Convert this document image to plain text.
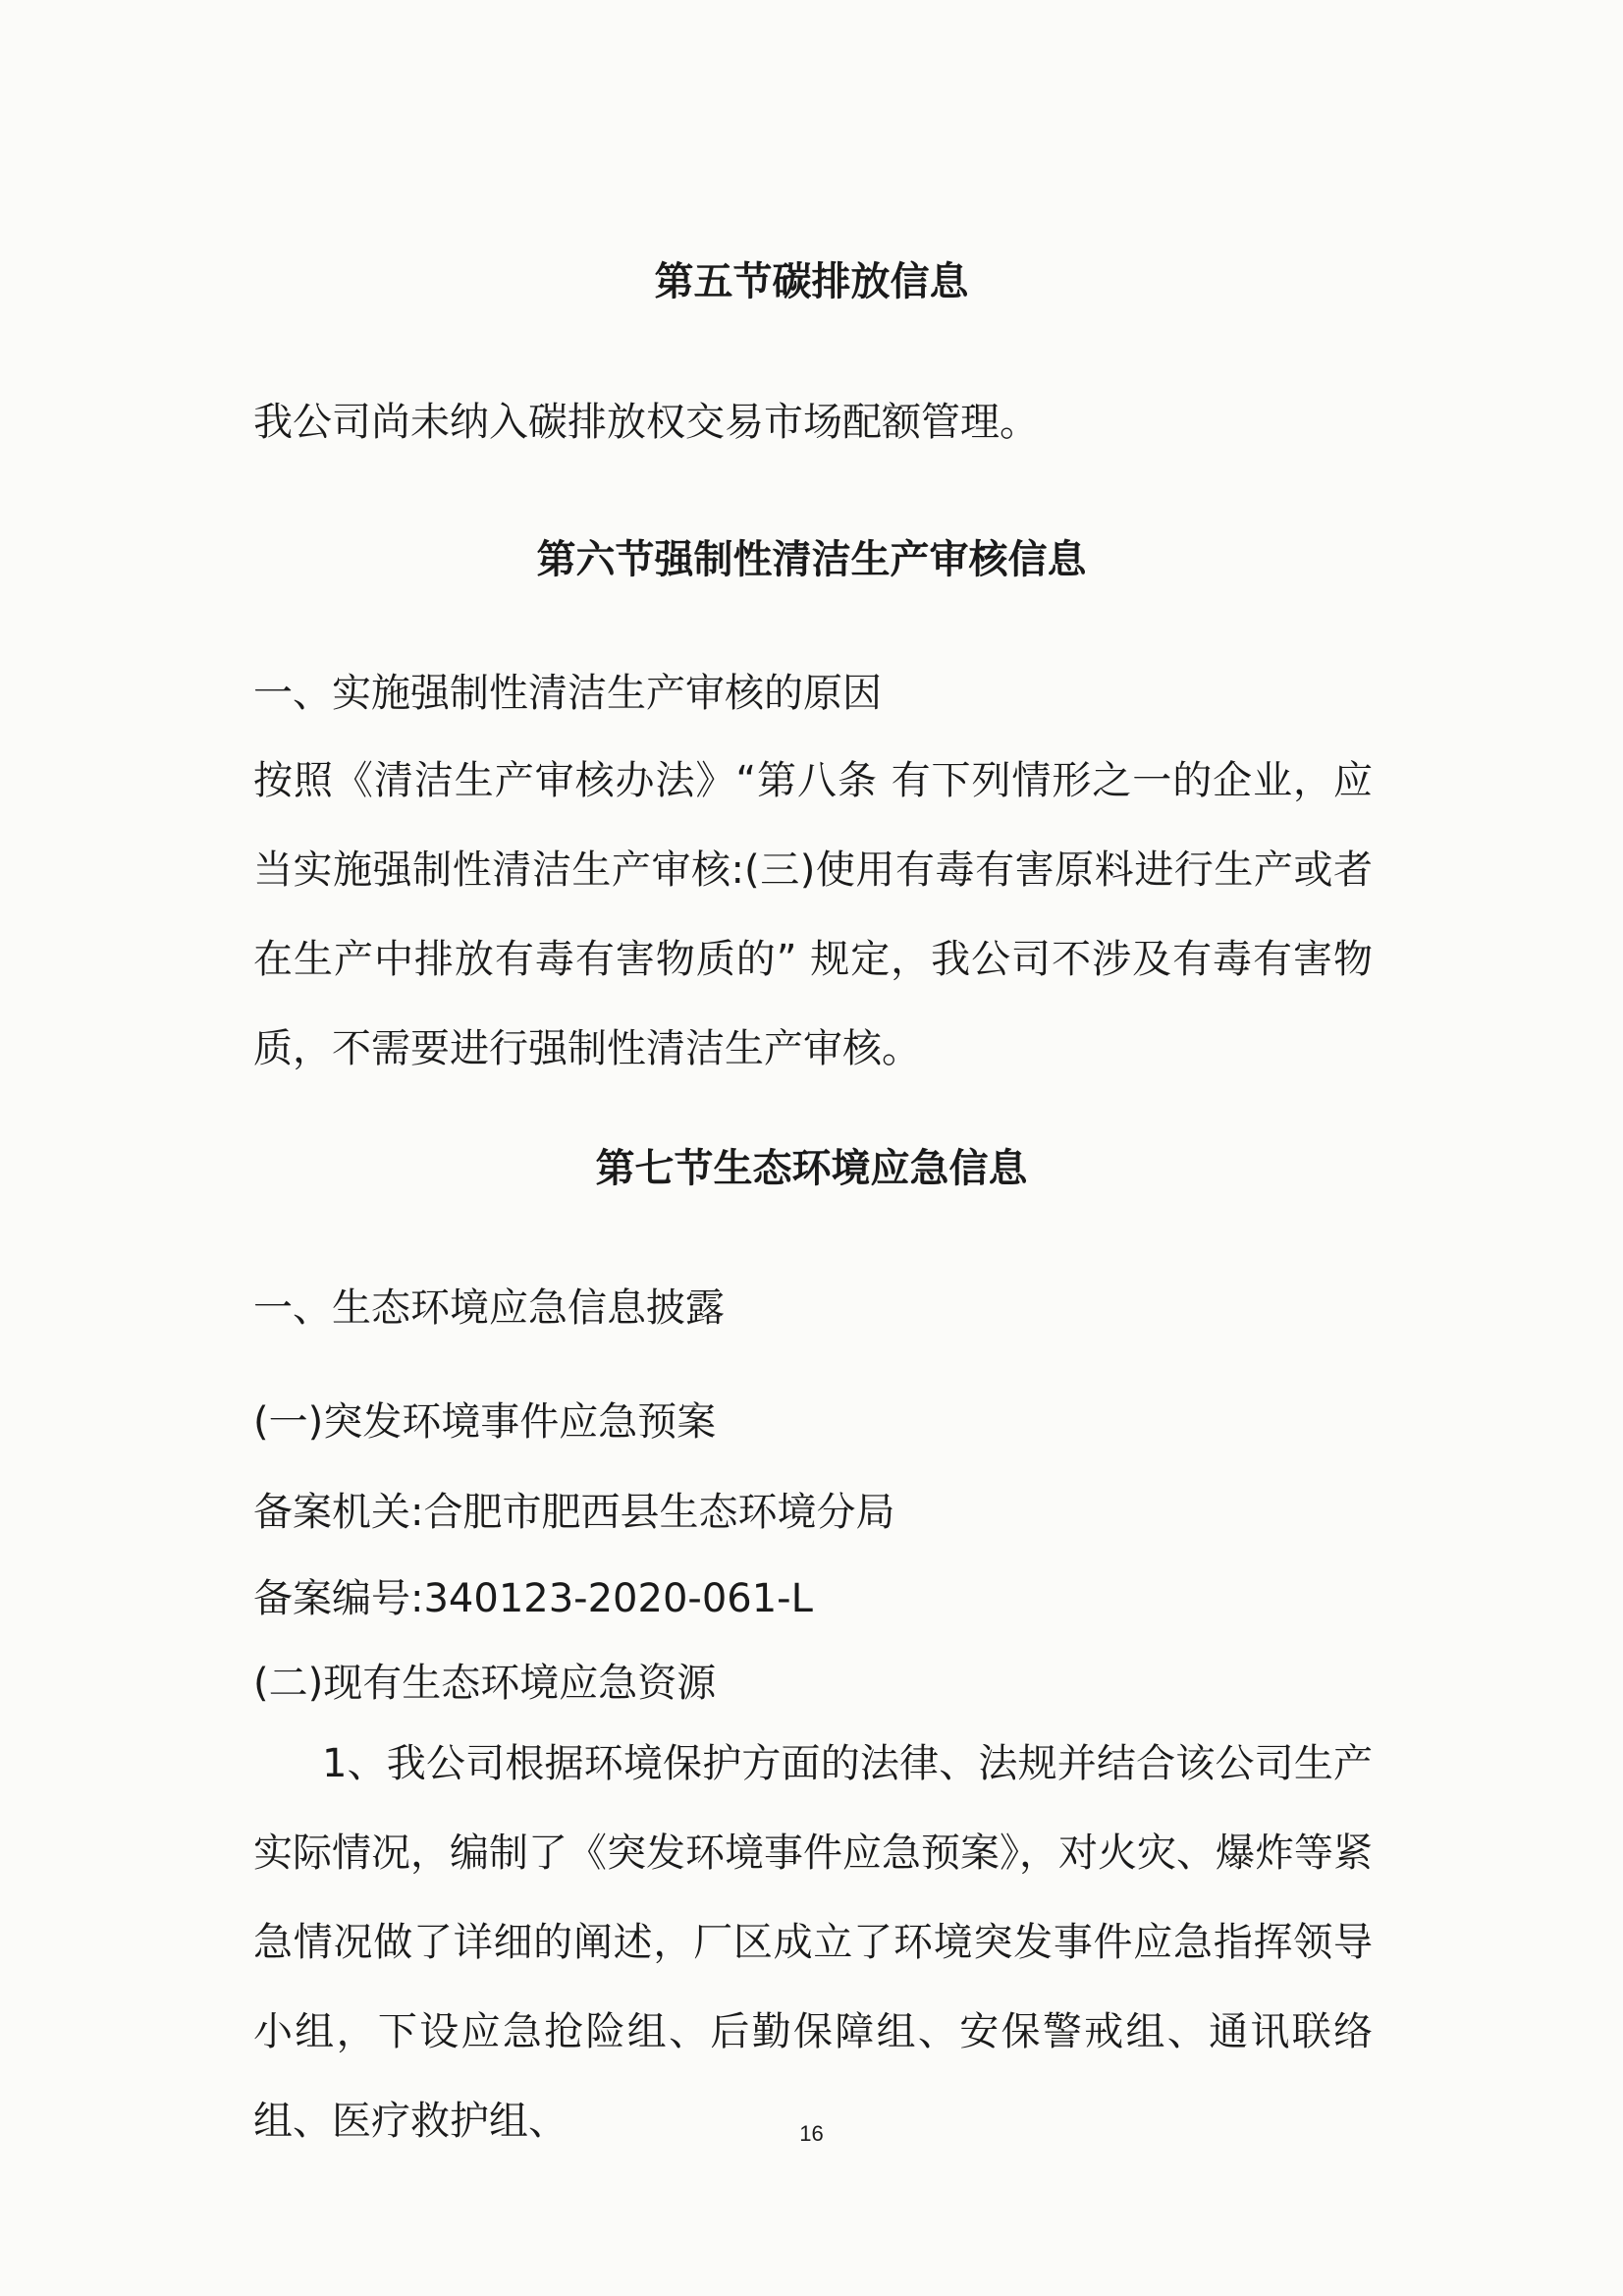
第五节碳排放信息
我公司尚未纳入碳排放权交易市场配额管理。
第六节强制性清洁生产审核信息
一、实施强制性清洁生产审核的原因
按照《清洁生产审核办法》“第八条 有下列情形之一的企业，应当实施强制性清洁生产审核:(三)使用有毒有害原料进行生产或者在生产中排放有毒有害物质的” 规定，我公司不涉及有毒有害物质，不需要进行强制性清洁生产审核。
第七节生态环境应急信息
一、生态环境应急信息披露
(一)突发环境事件应急预案
备案机关:合肥市肥西县生态环境分局
备案编号:340123-2020-061-L
(二)现有生态环境应急资源
1、我公司根据环境保护方面的法律、法规并结合该公司生产实际情况，编制了《突发环境事件应急预案》，对火灾、爆炸等紧急情况做了详细的阐述，厂区成立了环境突发事件应急指挥领导小组，下设应急抢险组、后勤保障组、安保警戒组、通讯联络组、医疗救护组、	16
